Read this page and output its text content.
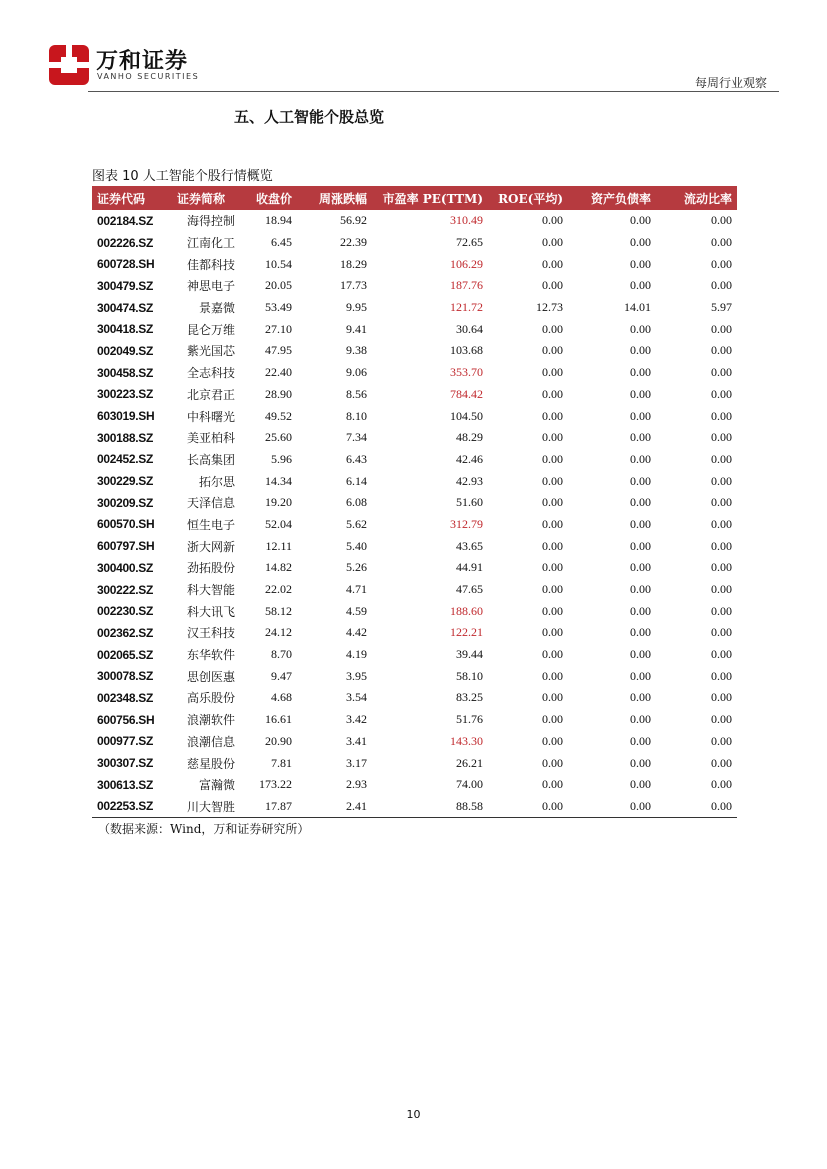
万和证券
VANHO SECURITIES	每周行业观察
五、人工智能个股总览
图表 10 人工智能个股行情概览
证券代码	证券简称	收盘价	周涨跌幅	市盈率 PE(TTM)	ROE(平均)	资产负债率	流动比率
002184.SZ	海得控制	18.94	56.92	310.49	0.00	0.00	0.00
002226.SZ	江南化工	6.45	22.39	72.65	0.00	0.00	0.00
600728.SH	佳都科技	10.54	18.29	106.29	0.00	0.00	0.00
300479.SZ	神思电子	20.05	17.73	187.76	0.00	0.00	0.00
300474.SZ	景嘉微	53.49	9.95	121.72	12.73	14.01	5.97
300418.SZ	昆仑万维	27.10	9.41	30.64	0.00	0.00	0.00
002049.SZ	紫光国芯	47.95	9.38	103.68	0.00	0.00	0.00
300458.SZ	全志科技	22.40	9.06	353.70	0.00	0.00	0.00
300223.SZ	北京君正	28.90	8.56	784.42	0.00	0.00	0.00
603019.SH	中科曙光	49.52	8.10	104.50	0.00	0.00	0.00
300188.SZ	美亚柏科	25.60	7.34	48.29	0.00	0.00	0.00
002452.SZ	长高集团	5.96	6.43	42.46	0.00	0.00	0.00
300229.SZ	拓尔思	14.34	6.14	42.93	0.00	0.00	0.00
300209.SZ	天泽信息	19.20	6.08	51.60	0.00	0.00	0.00
600570.SH	恒生电子	52.04	5.62	312.79	0.00	0.00	0.00
600797.SH	浙大网新	12.11	5.40	43.65	0.00	0.00	0.00
300400.SZ	劲拓股份	14.82	5.26	44.91	0.00	0.00	0.00
300222.SZ	科大智能	22.02	4.71	47.65	0.00	0.00	0.00
002230.SZ	科大讯飞	58.12	4.59	188.60	0.00	0.00	0.00
002362.SZ	汉王科技	24.12	4.42	122.21	0.00	0.00	0.00
002065.SZ	东华软件	8.70	4.19	39.44	0.00	0.00	0.00
300078.SZ	思创医惠	9.47	3.95	58.10	0.00	0.00	0.00
002348.SZ	高乐股份	4.68	3.54	83.25	0.00	0.00	0.00
600756.SH	浪潮软件	16.61	3.42	51.76	0.00	0.00	0.00
000977.SZ	浪潮信息	20.90	3.41	143.30	0.00	0.00	0.00
300307.SZ	慈星股份	7.81	3.17	26.21	0.00	0.00	0.00
300613.SZ	富瀚微	173.22	2.93	74.00	0.00	0.00	0.00
002253.SZ	川大智胜	17.87	2.41	88.58	0.00	0.00	0.00
（数据来源：Wind，万和证券研究所）
10
